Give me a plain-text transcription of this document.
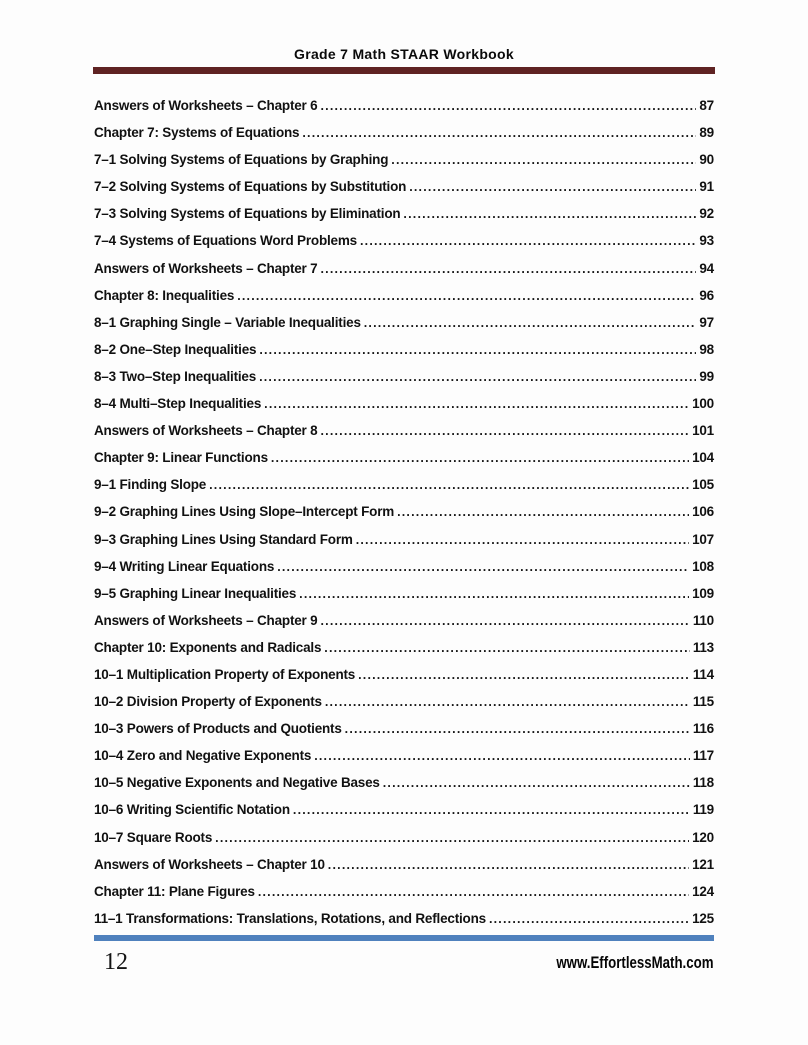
Grade 7 Math STAAR Workbook
Answers of Worksheets – Chapter 6 .....	87
Chapter 7: Systems of Equations .....	89
7–1 Solving Systems of Equations by Graphing .....	90
7–2 Solving Systems of Equations by Substitution .....	91
7–3 Solving Systems of Equations by Elimination .....	92
7–4 Systems of Equations Word Problems .....	93
Answers of Worksheets – Chapter 7 .....	94
Chapter 8: Inequalities .....	96
8–1 Graphing Single – Variable Inequalities .....	97
8–2 One–Step Inequalities .....	98
8–3 Two–Step Inequalities .....	99
8–4 Multi–Step Inequalities .....	100
Answers of Worksheets – Chapter 8 .....	101
Chapter 9: Linear Functions .....	104
9–1 Finding Slope .....	105
9–2 Graphing Lines Using Slope–Intercept Form .....	106
9–3 Graphing Lines Using Standard Form .....	107
9–4 Writing Linear Equations .....	108
9–5 Graphing Linear Inequalities .....	109
Answers of Worksheets – Chapter 9 .....	110
Chapter 10: Exponents and Radicals .....	113
10–1 Multiplication Property of Exponents .....	114
10–2 Division Property of Exponents .....	115
10–3 Powers of Products and Quotients .....	116
10–4 Zero and Negative Exponents .....	117
10–5 Negative Exponents and Negative Bases .....	118
10–6 Writing Scientific Notation .....	119
10–7 Square Roots .....	120
Answers of Worksheets – Chapter 10 .....	121
Chapter 11: Plane Figures .....	124
11–1 Transformations: Translations, Rotations, and Reflections .....	125
12	www.EffortlessMath.com
